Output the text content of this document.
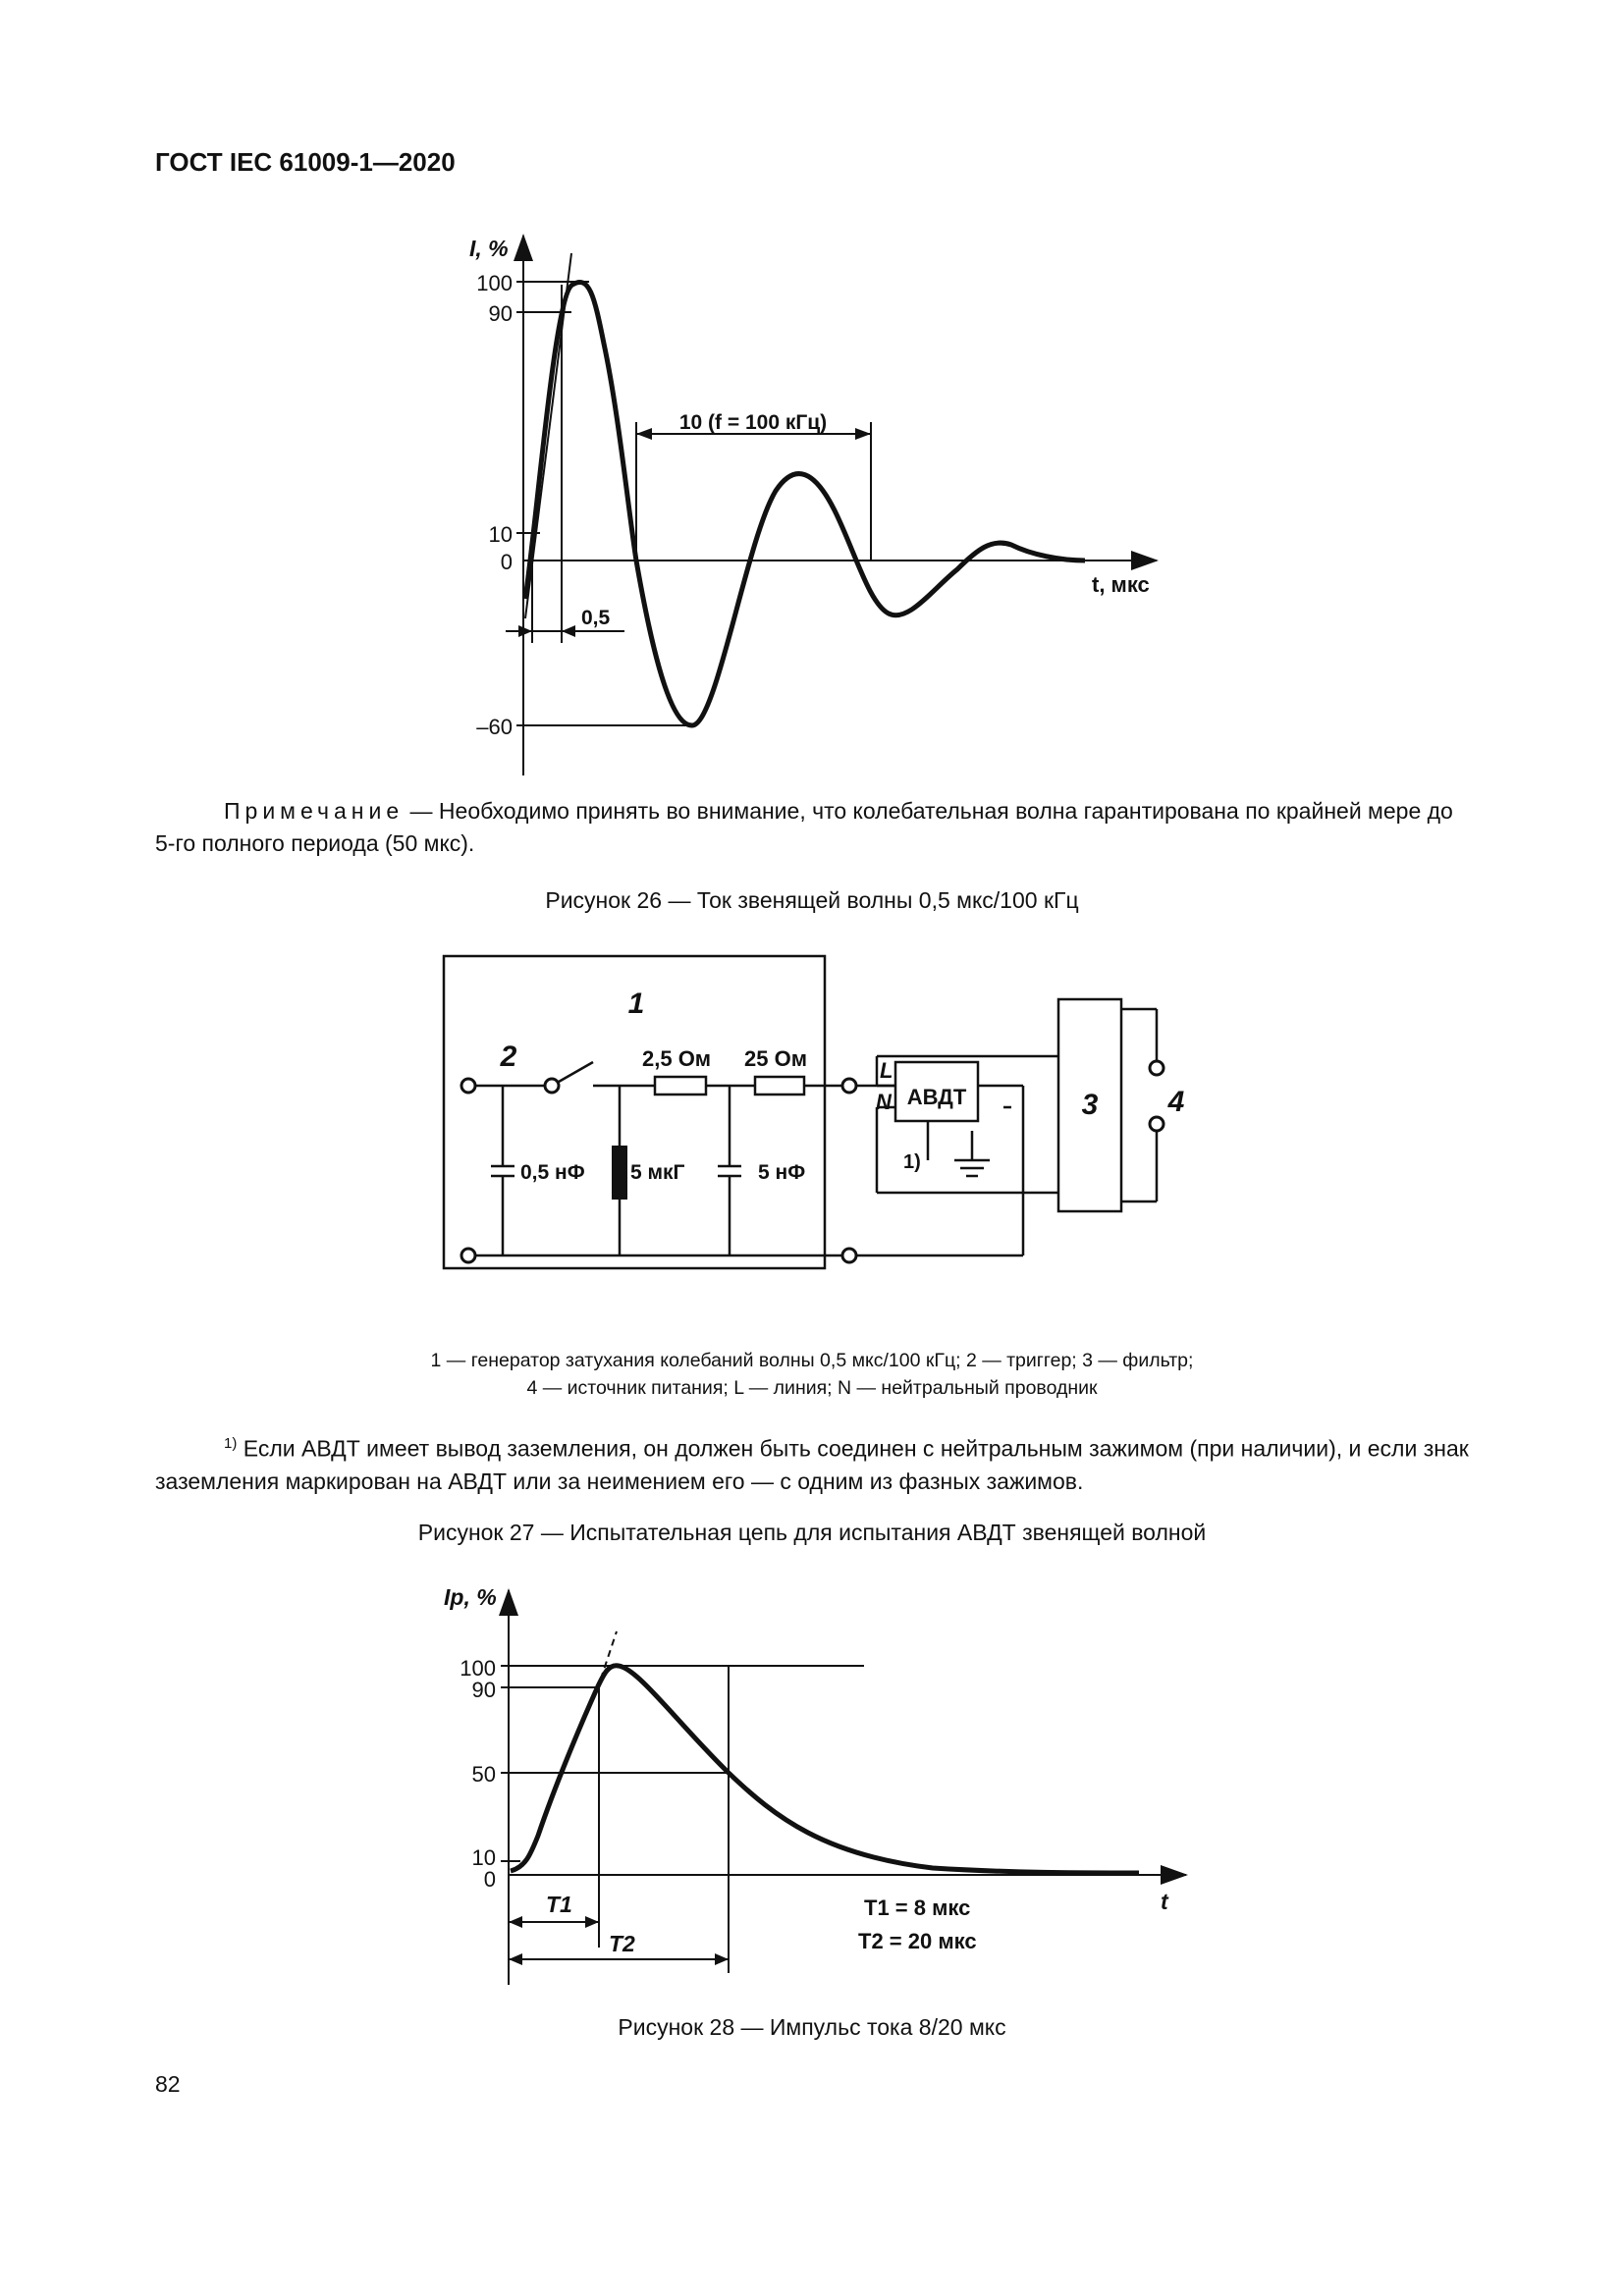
ГОСТ IEC 61009-1—2020
100
90
10
0
–60
I, %
t, мкс
10 (f = 100 кГц)
0,5
Примечание — Необходимо принять во внимание, что колебательная волна гарантирована по крайней мере до 5-го полного периода (50 мкс).
Рисунок 26 — Ток звенящей волны 0,5 мкс/100 кГц
1
2
3 4
2,5 Ом 25 Ом
0,5 нФ 5 мкГ	5 нФ
АВДТ
L
N
1)
1 — генератор затухания колебаний волны 0,5 мкс/100 кГц; 2 — триггер; 3 — фильтр;
4 — источник питания; L — линия; N — нейтральный проводник
$^{1)}$ Если АВДТ имеет вывод заземления, он должен быть соединен с нейтральным зажимом (при наличии), и если знак заземления маркирован на АВДТ или за неимением его — с одним из фазных зажимов.
Рисунок 27 — Испытательная цепь для испытания АВДТ звенящей волной
100
90
50
10
0
Iр, %
t
T1
T2
T1 = 8 мкс
T2 = 20 мкс
Рисунок 28 — Импульс тока 8/20 мкс
82
